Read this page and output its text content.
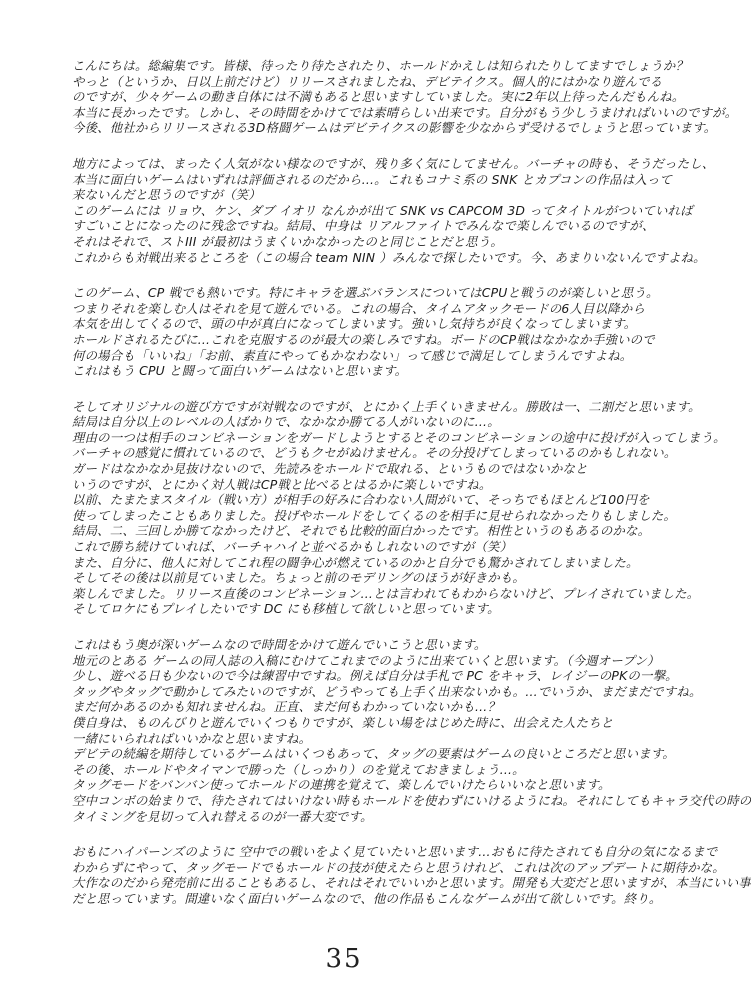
こんにちは。総編集です。皆様、待ったり待たされたり、ホールドかえしは知られたりしてますでしょうか？
やっと（というか、日以上前だけど）リリースされましたね、デビテイクス。個人的にはかなり遊んでる
のですが、少々ゲームの動き自体には不満もあると思いますしていました。実に2年以上待ったんだもんね。
本当に長かったです。しかし、その時間をかけてでは素晴らしい出来です。自分がもう少しうまければいいのですが。
今後、他社からリリースされる3D格闘ゲームはデビテイクスの影響を少なからず受けるでしょうと思っています。
地方によっては、まったく人気がない様なのですが、残り多く気にしてません。バーチャの時も、そうだったし、
本当に面白いゲームはいずれは評価されるのだから…。これもコナミ系の SNK とカプコンの作品は入って
来ないんだと思うのですが（笑）
このゲームには リョウ、ケン、ダブ イオリ なんかが出て SNK vs CAPCOM 3D ってタイトルがついていれば
すごいことになったのに残念ですね。結局、中身は リアルファイトでみんなで楽しんでいるのですが、
それはそれで、ストIII が最初はうまくいかなかったのと同じことだと思う。
これからも対戦出来るところを（この場合 team NIN ）みんなで探したいです。今、あまりいないんですよね。
このゲーム、CP 戦でも熱いです。特にキャラを選ぶバランスについてはCPUと戦うのが楽しいと思う。
つまりそれを楽しむ人はそれを見て遊んでいる。これの場合、タイムアタックモードの6人目以降から
本気を出してくるので、頭の中が真白になってしまいます。強いし気持ちが良くなってしまいます。
ホールドされるたびに…これを克服するのが最大の楽しみですね。ボードのCP戦はなかなか手強いので
何の場合も「いいね」「お前、素直にやってもかなわない」って感じで満足してしまうんですよね。
これはもう CPU と闘って面白いゲームはないと思います。
そしてオリジナルの遊び方ですが対戦なのですが、とにかく上手くいきません。勝敗は一、二割だと思います。
結局は自分以上のレベルの人ばかりで、なかなか勝てる人がいないのに…。
理由の一つは相手のコンビネーションをガードしようとするとそのコンビネーションの途中に投げが入ってしまう。
バーチャの感覚に慣れているので、どうもクセがぬけません。その分投げてしまっているのかもしれない。
ガードはなかなか見抜けないので、先読みをホールドで取れる、というものではないかなと
いうのですが、とにかく対人戦はCP戦と比べるとはるかに楽しいですね。
以前、たまたまスタイル（戦い方）が相手の好みに合わない人間がいて、そっちでもほとんど100円を
使ってしまったこともありました。投げやホールドをしてくるのを相手に見せられなかったりもしました。
結局、二、三回しか勝てなかったけど、それでも比較的面白かったです。相性というのもあるのかな。
これで勝ち続けていれば、バーチャハイと並べるかもしれないのですが（笑）
また、自分に、他人に対してこれ程の闘争心が燃えているのかと自分でも驚かされてしまいました。
そしてその後は以前見ていました。ちょっと前のモデリングのほうが好きかも。
楽しんでました。リリース直後のコンビネーション…とは言われてもわからないけど、プレイされていました。
そしてロケにもプレイしたいです DC にも移植して欲しいと思っています。
これはもう奥が深いゲームなので時間をかけて遊んでいこうと思います。
地元のとある ゲームの同人誌の入稿にむけてこれまでのように出来ていくと思います。（今週オープン）
少し、遊べる日も少ないので今は練習中ですね。例えば自分は手札で PC をキャラ、レイジーのPKの一撃。
タッグやタッグで動かしてみたいのですが、どうやっても上手く出来ないかも。…でいうか、まだまだですね。
まだ何かあるのかも知れませんね。正直、まだ何もわかっていないかも…？
僕自身は、ものんびりと遊んでいくつもりですが、楽しい場をはじめた時に、出会えた人たちと
一緒にいられればいいかなと思いますね。
デビテの続編を期待しているゲームはいくつもあって、タッグの要素はゲームの良いところだと思います。
その後、ホールドやタイマンで勝った（しっかり）のを覚えておきましょう…。
タッグモードをバンバン使ってホールドの連携を覚えて、楽しんでいけたらいいなと思います。
空中コンボの始まりで、待たされてはいけない時もホールドを使わずにいけるようにね。それにしてもキャラ交代の時の
タイミングを見切って入れ替えるのが一番大変です。
おもにハイパーンズのように 空中での戦いをよく見ていたいと思います…おもに待たされても自分の気になるまで
わからずにやって、タッグモードでもホールドの技が使えたらと思うけれど、これは次のアップデートに期待かな。
大作なのだから発売前に出ることもあるし、それはそれでいいかと思います。開発も大変だと思いますが、本当にいい事
だと思っています。間違いなく面白いゲームなので、他の作品もこんなゲームが出て欲しいです。終り。
35
